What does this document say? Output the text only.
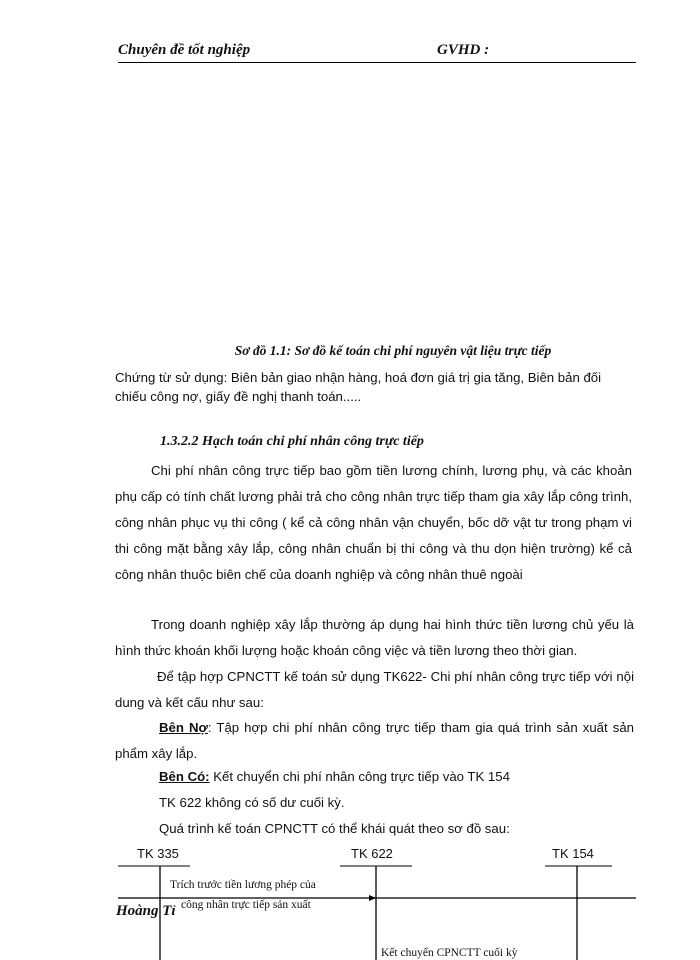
Chuyên đề tốt nghiệp	GVHD :
Sơ đồ 1.1: Sơ đồ kế toán chi phí nguyên vật liệu trực tiếp

Chứng từ sử dụng: Biên bản giao nhận hàng, hoá đơn giá trị gia tăng, Biên bản đối chiếu công nợ, giấy đề nghị thanh toán.....

1.3.2.2 Hạch toán chi phí nhân công trực tiếp

Chi phí nhân công trực tiếp bao gồm tiền lương chính, lương phụ, và các khoản phụ cấp có tính chất lương phải trả cho công nhân trực tiếp tham gia xây lắp công trình, công nhân phục vụ thi công ( kể cả công nhân vận chuyển, bốc dỡ vật tư trong phạm vi thi công mặt bằng xây lắp, công nhân chuẩn bị thi công và thu dọn hiện trường) kể cả công nhân thuộc biên chế của doanh nghiệp và công nhân thuê ngoài

Trong doanh nghiệp xây lắp thường áp dụng hai hình thức tiền lương chủ yếu là hình thức khoán khối lượng hoặc khoán công việc và tiền lương theo thời gian.

Để tập hợp CPNCTT kế toán sử dụng TK622- Chi phí nhân công trực tiếp với nội dung và kết cấu như sau:

Bên Nợ: Tập hợp chi phí nhân công trực tiếp tham gia quá trình sản xuất sản phẩm xây lắp.

Bên Có: Kết chuyển chi phí nhân công trực tiếp vào TK 154

TK 622 không có số dư cuối kỳ.

Quá trình kế toán CPNCTT có thể khái quát theo sơ đồ sau:

TK 335	TK 622	TK 154
Trích trước tiền lương phép của
công nhân trực tiếp sản xuất
Kết chuyển CPNCTT cuối kỳ
Hoàng Tỉ
